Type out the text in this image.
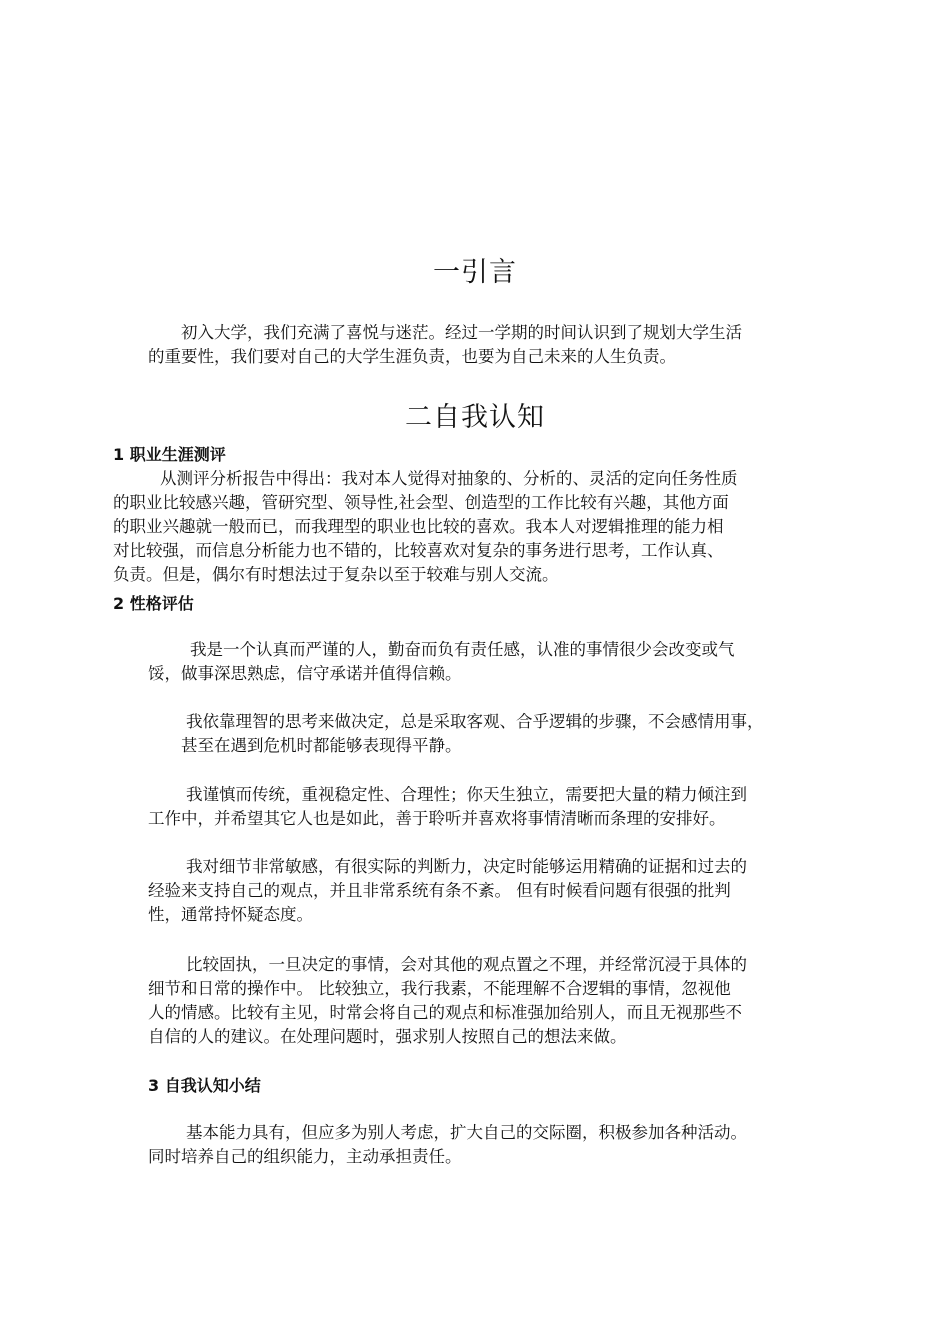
一引言

初入大学，我们充满了喜悦与迷茫。经过一学期的时间认识到了规划大学生活
的重要性，我们要对自己的大学生涯负责，也要为自己未来的人生负责。

二自我认知
1 职业生涯测评

从测评分析报告中得出：我对本人觉得对抽象的、分析的、灵活的定向任务性质
的职业比较感兴趣，管研究型、领导性,社会型、创造型的工作比较有兴趣，其他方面
的职业兴趣就一般而已，而我理型的职业也比较的喜欢。我本人对逻辑推理的能力相
对比较强，而信息分析能力也不错的，比较喜欢对复杂的事务进行思考，工作认真、
负责。但是，偶尔有时想法过于复杂以至于较难与别人交流。

2 性格评估

我是一个认真而严谨的人，勤奋而负有责任感，认准的事情很少会改变或气
馁，做事深思熟虑，信守承诺并值得信赖。

我依靠理智的思考来做决定，总是采取客观、合乎逻辑的步骤，不会感情用事，
甚至在遇到危机时都能够表现得平静。

我谨慎而传统，重视稳定性、合理性；你天生独立，需要把大量的精力倾注到
工作中，并希望其它人也是如此，善于聆听并喜欢将事情清晰而条理的安排好。

我对细节非常敏感，有很实际的判断力，决定时能够运用精确的证据和过去的
经验来支持自己的观点，并且非常系统有条不紊。 但有时候看问题有很强的批判
性，通常持怀疑态度。

比较固执，一旦决定的事情，会对其他的观点置之不理，并经常沉浸于具体的
细节和日常的操作中。 比较独立，我行我素，不能理解不合逻辑的事情，忽视他
人的情感。比较有主见，时常会将自己的观点和标准强加给别人，而且无视那些不
自信的人的建议。在处理问题时，强求别人按照自己的想法来做。

3 自我认知小结

基本能力具有，但应多为别人考虑，扩大自己的交际圈，积极参加各种活动。
同时培养自己的组织能力，主动承担责任。
